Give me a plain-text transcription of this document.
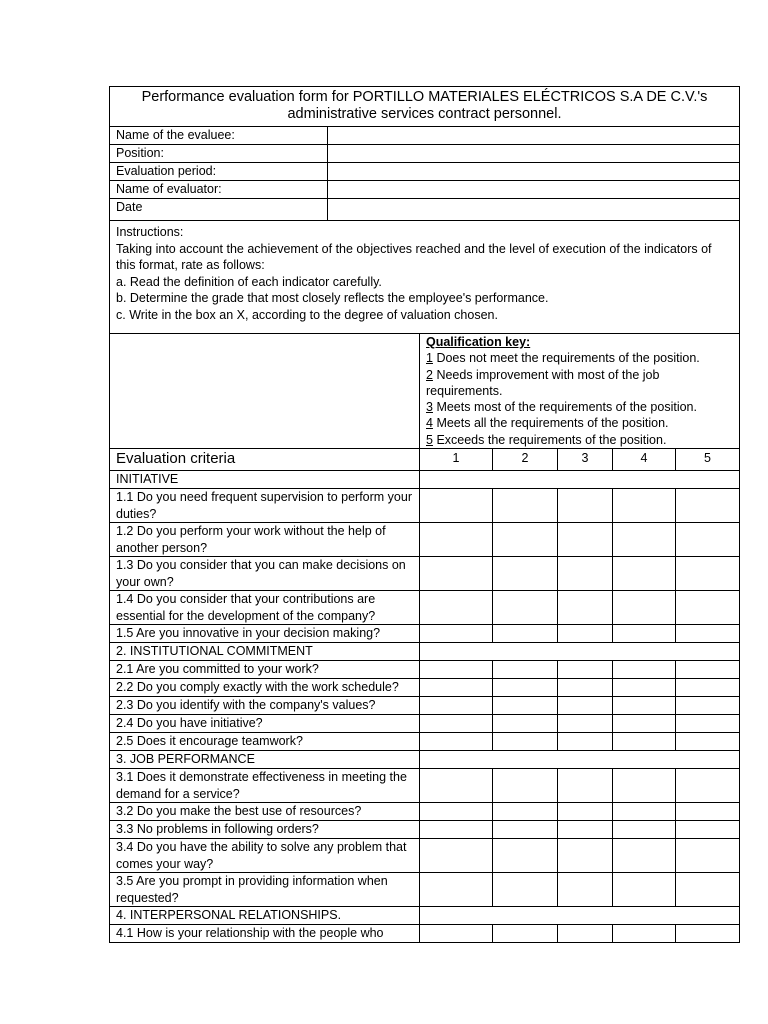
Performance evaluation form for PORTILLO MATERIALES ELÉCTRICOS S.A DE C.V.'s
administrative services contract personnel.
Name of the evaluee:
Position:
Evaluation period:
Name of evaluator:
Date
Instructions:
Taking into account the achievement of the objectives reached and the level of execution of the indicators of this format, rate as follows:
a. Read the definition of each indicator carefully.
b. Determine the grade that most closely reflects the employee's performance.
c. Write in the box an X, according to the degree of valuation chosen.
Qualification key:
1 Does not meet the requirements of the position.
2 Needs improvement with most of the job requirements.
3 Meets most of the requirements of the position.
4 Meets all the requirements of the position.
5 Exceeds the requirements of the position.
Evaluation criteria	1	2	3	4	5
INITIATIVE
1.1 Do you need frequent supervision to perform your duties?
1.2 Do you perform your work without the help of another person?
1.3 Do you consider that you can make decisions on your own?
1.4 Do you consider that your contributions are essential for the development of the company?
1.5 Are you innovative in your decision making?
2. INSTITUTIONAL COMMITMENT
2.1 Are you committed to your work?
2.2 Do you comply exactly with the work schedule?
2.3 Do you identify with the company's values?
2.4 Do you have initiative?
2.5 Does it encourage teamwork?
3. JOB PERFORMANCE
3.1 Does it demonstrate effectiveness in meeting the demand for a service?
3.2 Do you make the best use of resources?
3.3 No problems in following orders?
3.4 Do you have the ability to solve any problem that comes your way?
3.5 Are you prompt in providing information when requested?
4. INTERPERSONAL RELATIONSHIPS.
4.1 How is your relationship with the people who
